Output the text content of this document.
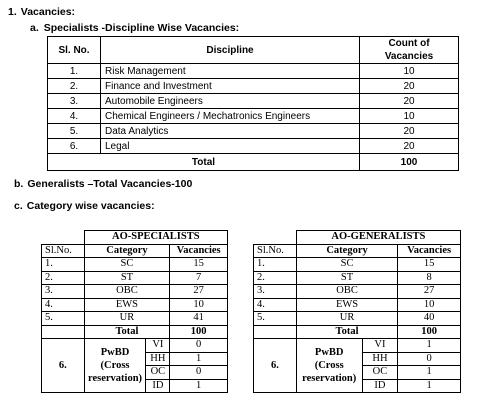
1. Vacancies:
a. Specialists -Discipline Wise Vacancies:
Sl. No.	Discipline	Count of Vacancies
1.	Risk Management	10
2.	Finance and Investment	20
3.	Automobile Engineers	20
4.	Chemical Engineers / Mechatronics Engineers	10
5.	Data Analytics	20
6.	Legal	20
Total		100
b. Generalists –Total Vacancies-100
c. Category wise vacancies:
	AO-SPECIALISTS		
Sl.No.	Category		Vacancies
1.	SC		15
2.	ST		7
3.	OBC		27
4.	EWS		10
5.	UR		41
	Total		100
6.	PwBD
(Cross
reservation)	VI	0
		HH	1
		OC	0
		ID	1
	AO-GENERALISTS		
Sl.No.	Category		Vacancies
1.	SC		15
2.	ST		8
3.	OBC		27
4.	EWS		10
5.	UR		40
	Total		100
6.	PwBD
(Cross
reservation)	VI	1
		HH	0
		OC	1
		ID	1
